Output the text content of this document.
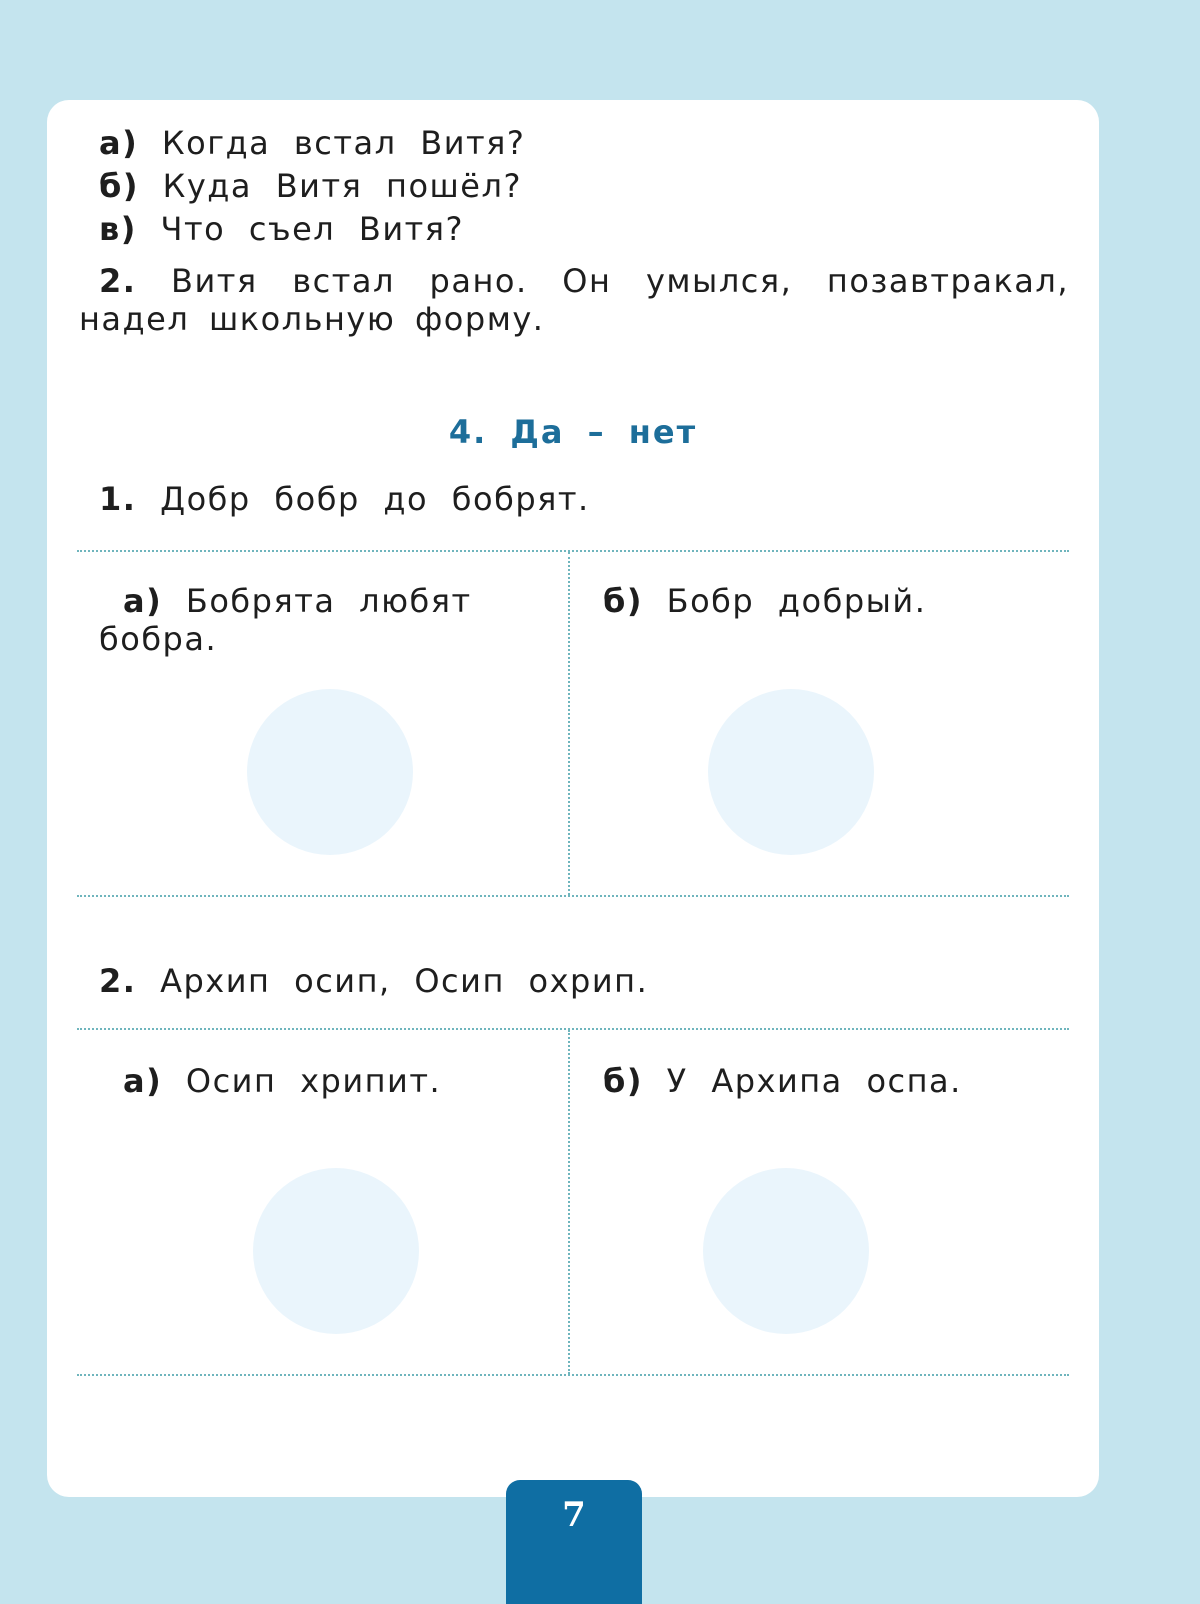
а) Когда встал Витя?
б) Куда Витя пошёл?
в) Что съел Витя?
2. Витя встал рано. Он умылся, позавтракал, надел школьную форму.
4. Да – нет
1. Добр бобр до бобрят.
а) Бобрята любят бобра.
б) Бобр добрый.
2. Архип осип, Осип охрип.
а) Осип хрипит.	б) У Архипа оспа.
7
